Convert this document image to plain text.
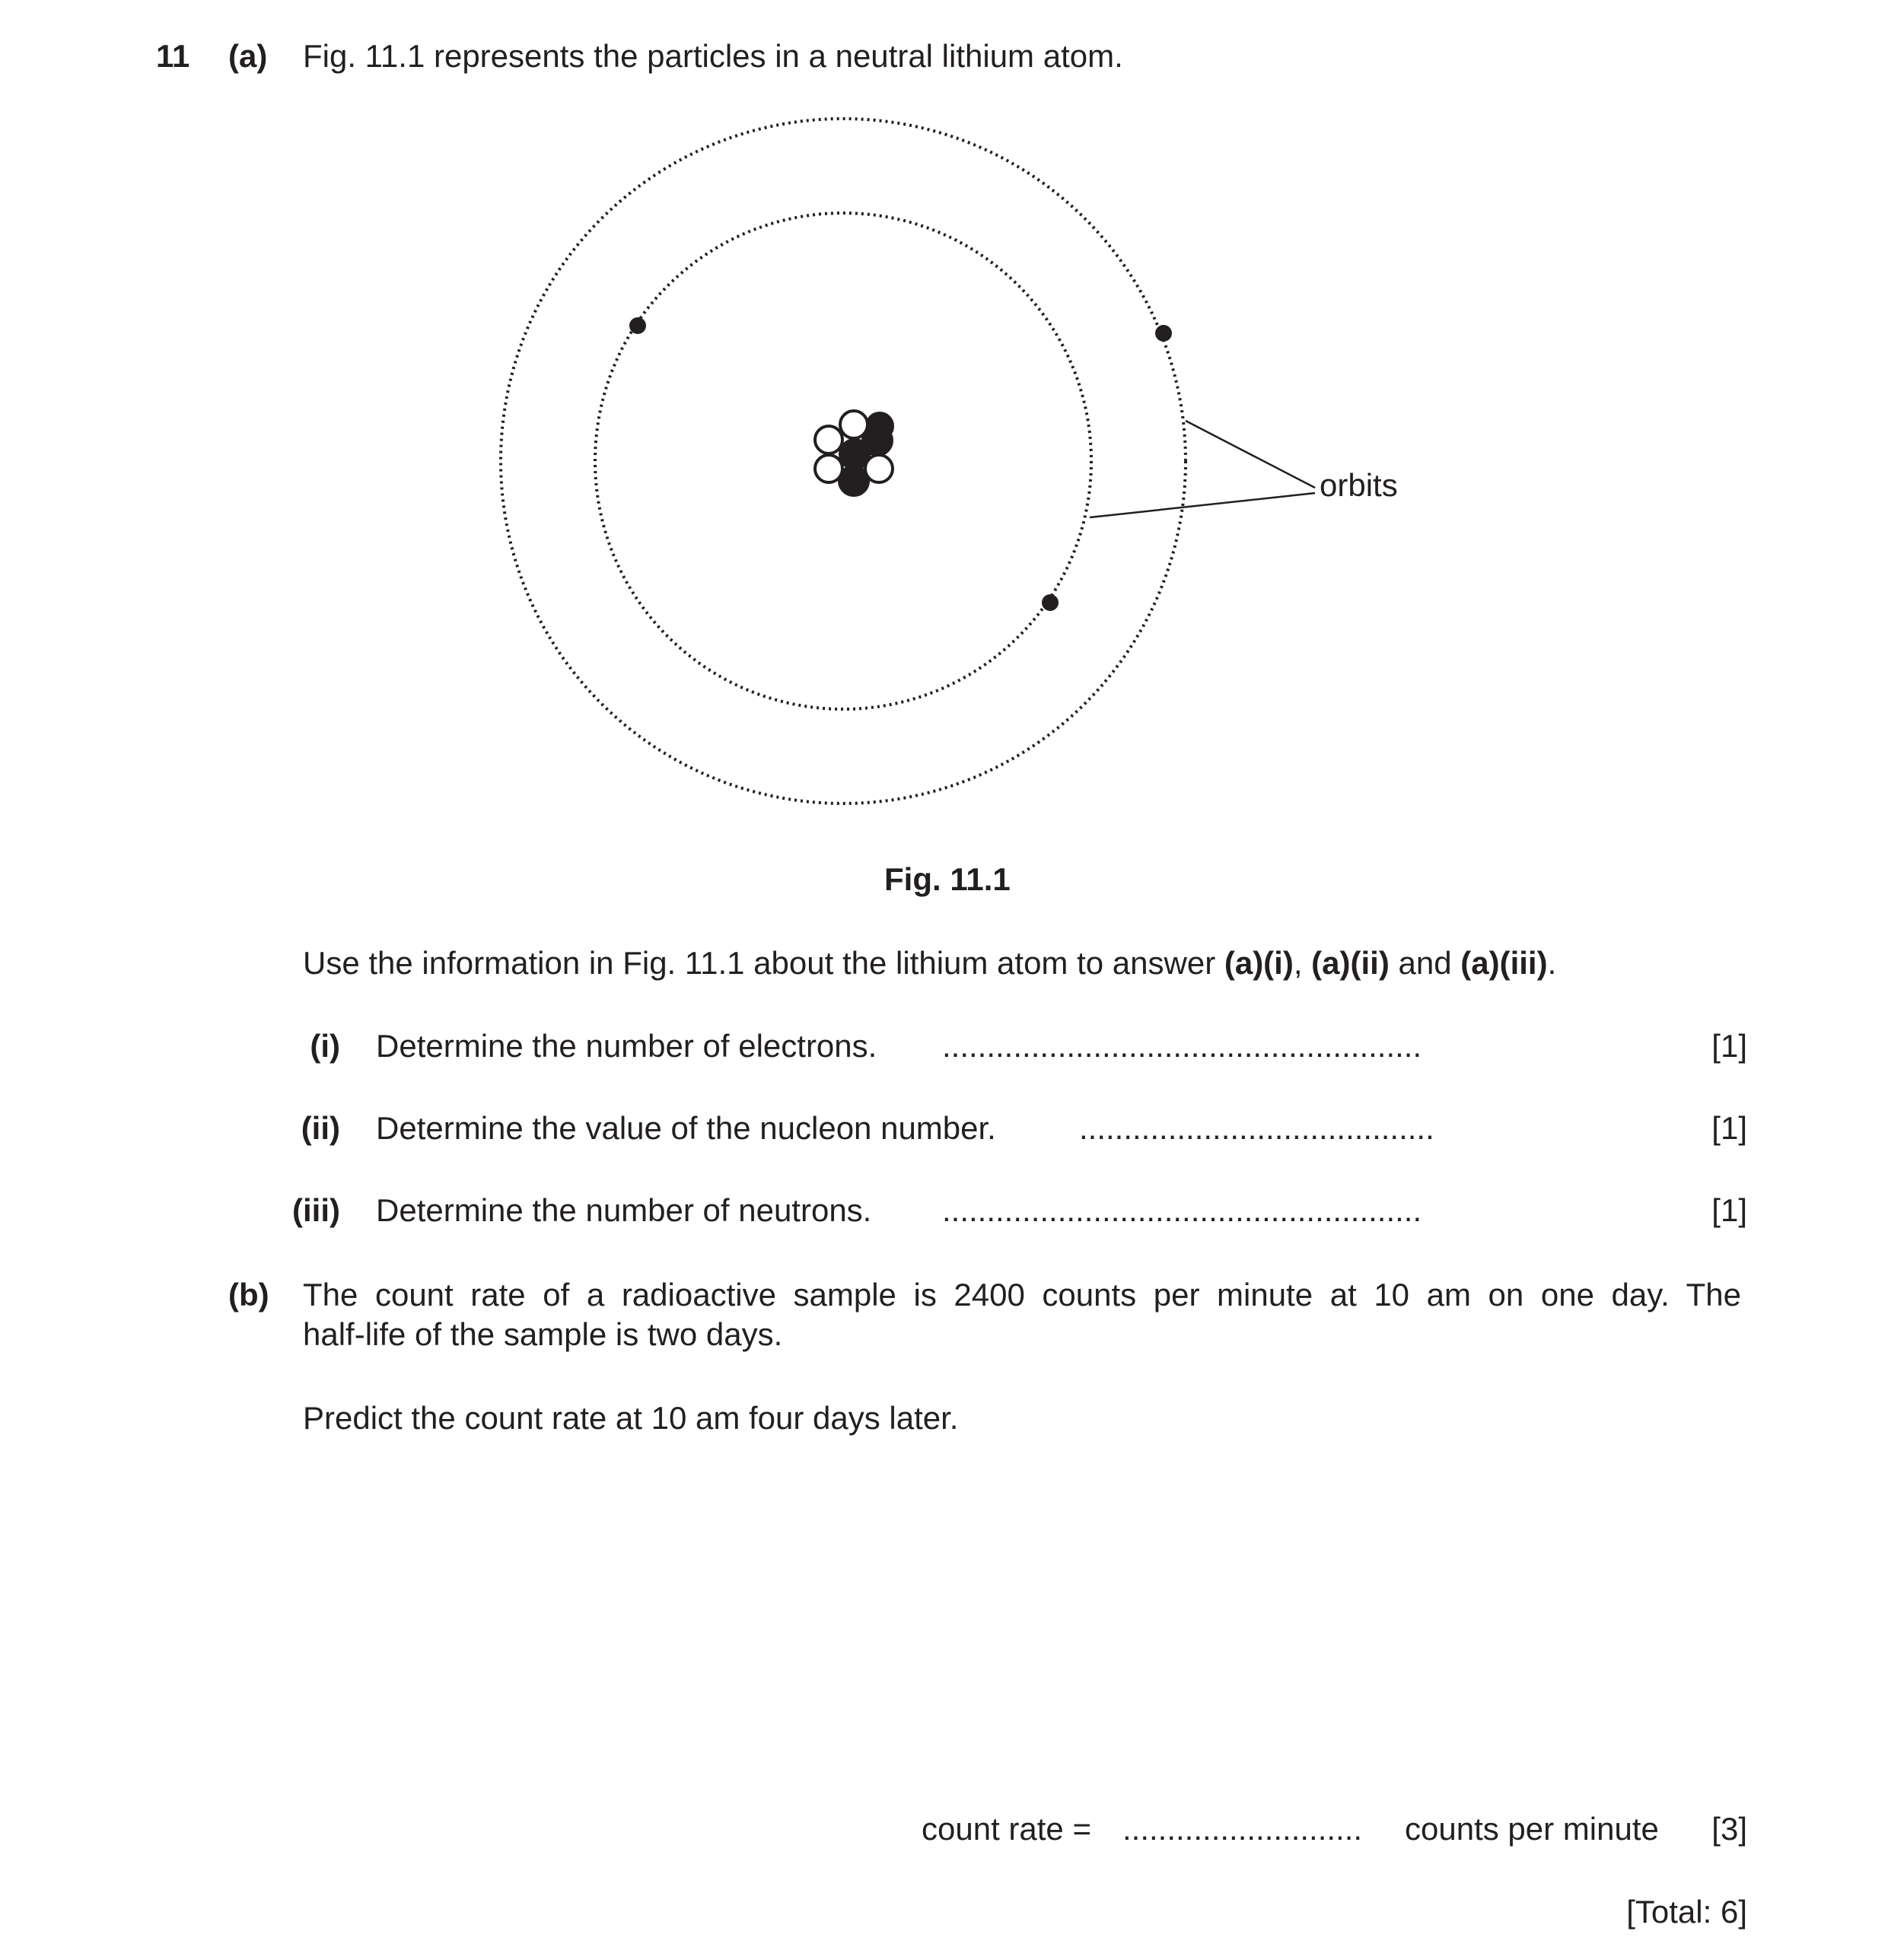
11 (a) Fig. 11.1 represents the particles in a neutral lithium atom.
orbits
Fig. 11.1
Use the information in Fig. 11.1 about the lithium atom to answer (a)(i), (a)(ii) and (a)(iii).
(i) Determine the number of electrons. ......................................................	[1]
(ii) Determine the value of the nucleon number.	........................................	[1]
(iii) Determine the number of neutrons. ......................................................	[1]
(b) The count rate of a radioactive sample is 2400 counts per minute at 10 am on one day. The
half-life of the sample is two days.
Predict the count rate at 10 am four days later.
count rate = ........................... counts per minute [3]
[Total: 6]
